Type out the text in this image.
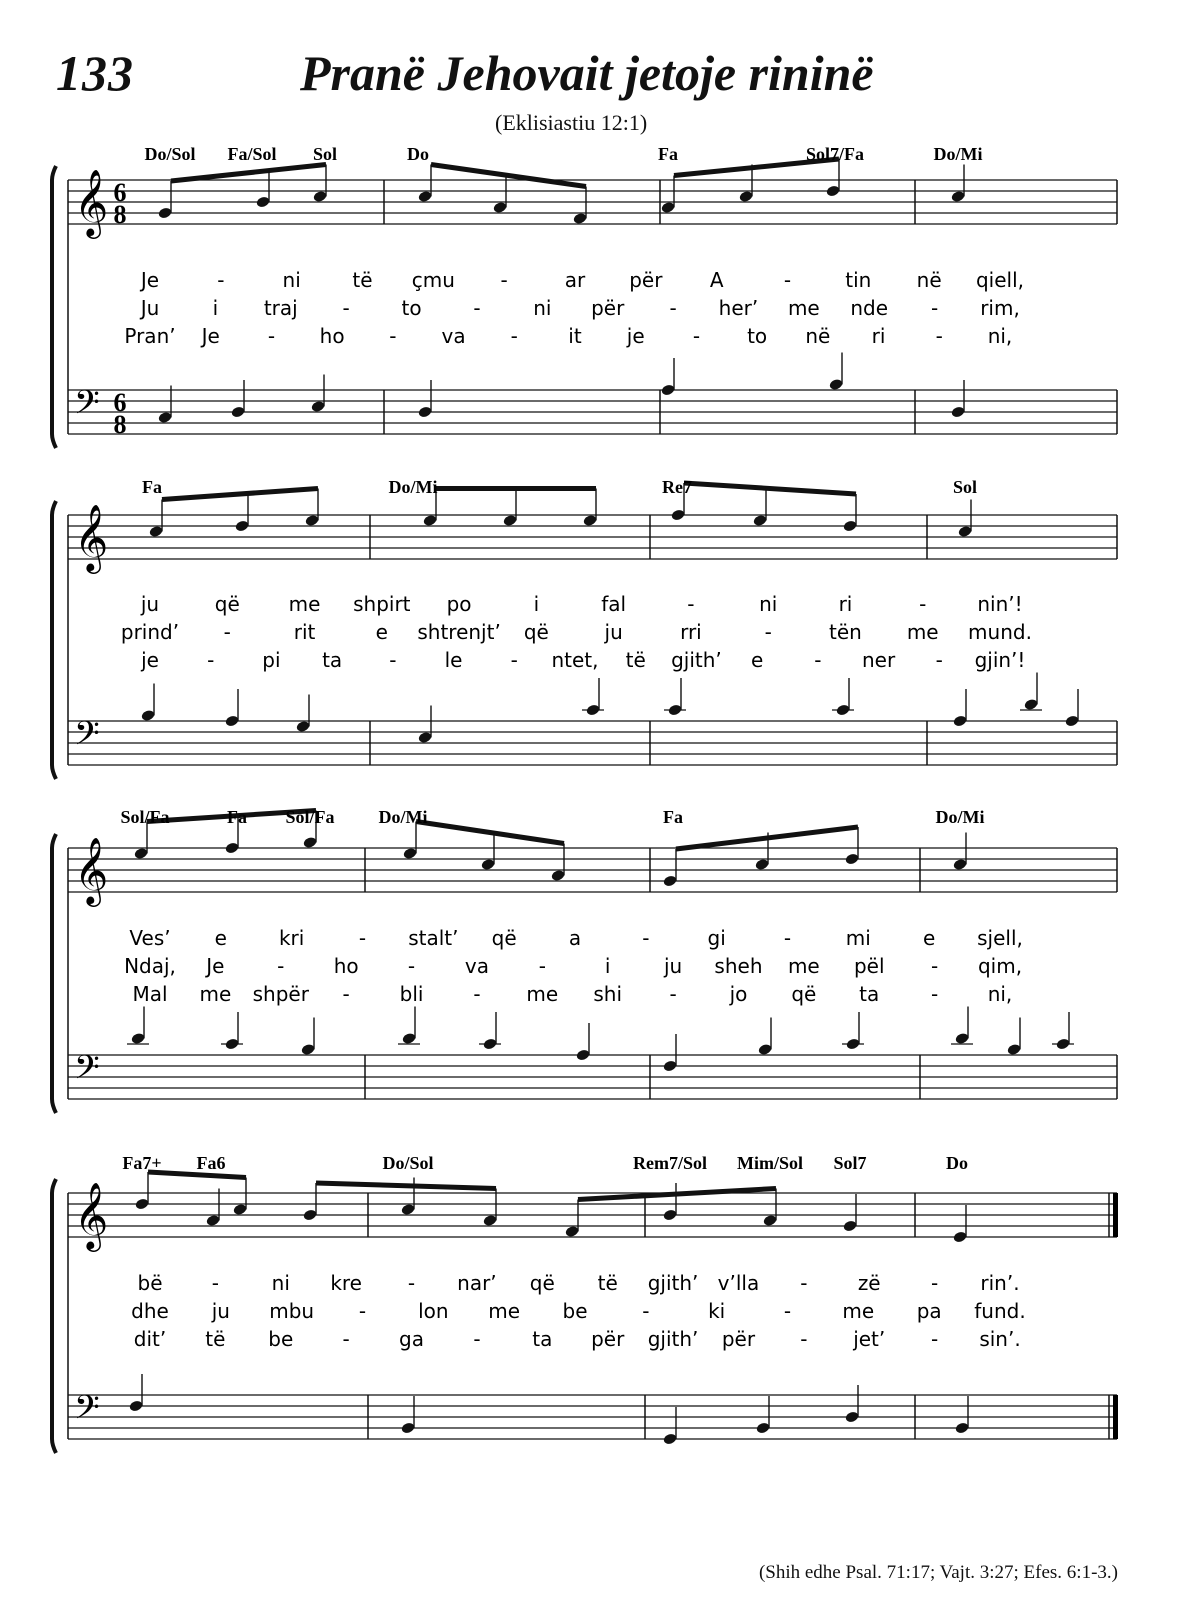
133	Pranë Jehovait jetoje rininë
(Eklisiastiu 12:1)
𝄞
𝄢
6
8
6
8
Do/Sol Fa/Sol Sol	Do	Fa	Sol7/Fa	Do/Mi
Je	-	ni	të çmu -	ar për A	-	tin në qiell,
Ju	i traj -	to	-	ni për - her’ me nde - rim,
Pran’ Je - ho - va -	it je - to në ri	- ni,
𝄞
𝄢
Fa	Do/Mi	Re7	Sol
ju	që me shpirt po	i	fal	-	ni	ri	-	nin’!
prind’ -	rit	e shtrenjt’ që	ju	rri	-	tën me mund.
je - pi ta - le - ntet, të gjith’ e	- ner - gjin’!
𝄞
𝄢
Sol/Fa	Fa Sol/Fa Do/Mi	Fa	Do/Mi
Ves’ e	kri	- stalt’ që	a	-	gi	-	mi	e sjell,
Ndaj, Je	- ho - va -	i	ju sheh me pël - qim,
Mal me shpër - bli - me shi -	jo që ta	- ni,
𝄞
𝄢
Fa7+ Fa6	Do/Sol	Rem7/Sol Mim/Sol Sol7	Do
bë -	ni kre - nar’ që të gjith’ v’lla -	zë	- rin’.
dhe ju mbu -	lon me be	-	ki	-	me pa fund.
dit’ të be - ga -	ta për gjith’ për - jet’ - sin’.
(Shih edhe Psal. 71:17; Vajt. 3:27; Efes. 6:1-3.)
